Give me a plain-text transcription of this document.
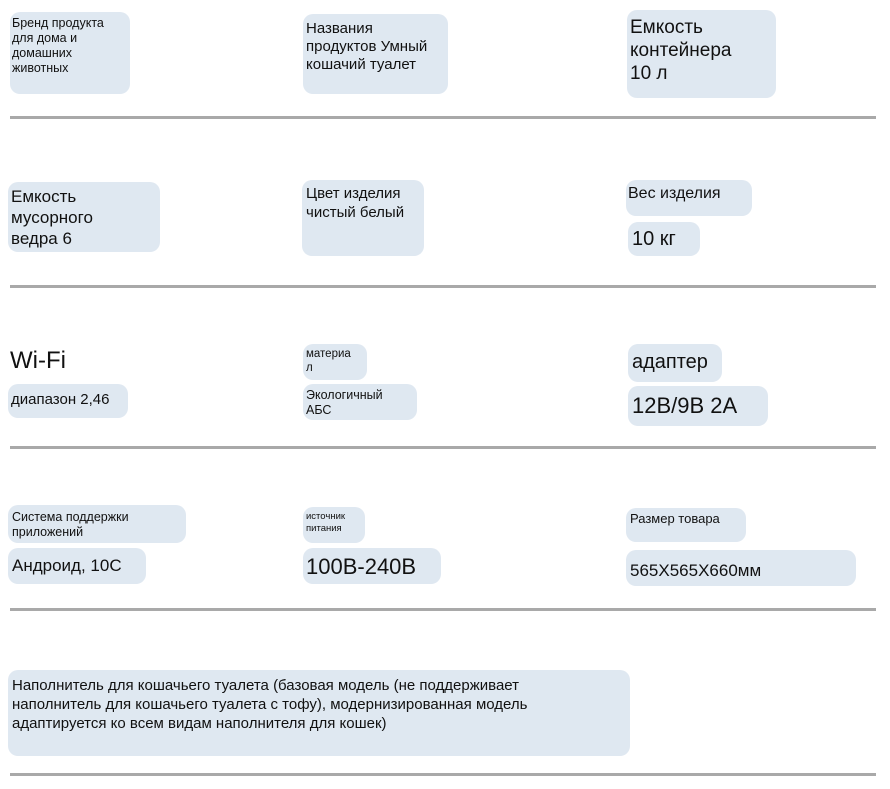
Бренд продукта
для дома и
домашних
животных
Названия
продуктов Умный
кошачий туалет
Емкость
контейнера
10 л
Емкость
мусорного
ведра 6
Цвет изделия
чистый белый
Вес изделия
10 кг
Wi-Fi
диапазон 2,46
материа
л
Экологичный
АБС
адаптер
12В/9В 2А
Система поддержки
приложений
Андроид, 10С
источник
питания
100В-240В
Размер товара
565X565X660мм
Наполнитель для кошачьего туалета (базовая модель (не поддерживает
наполнитель для кошачьего туалета с тофу), модернизированная модель
адаптируется ко всем видам наполнителя для кошек)
